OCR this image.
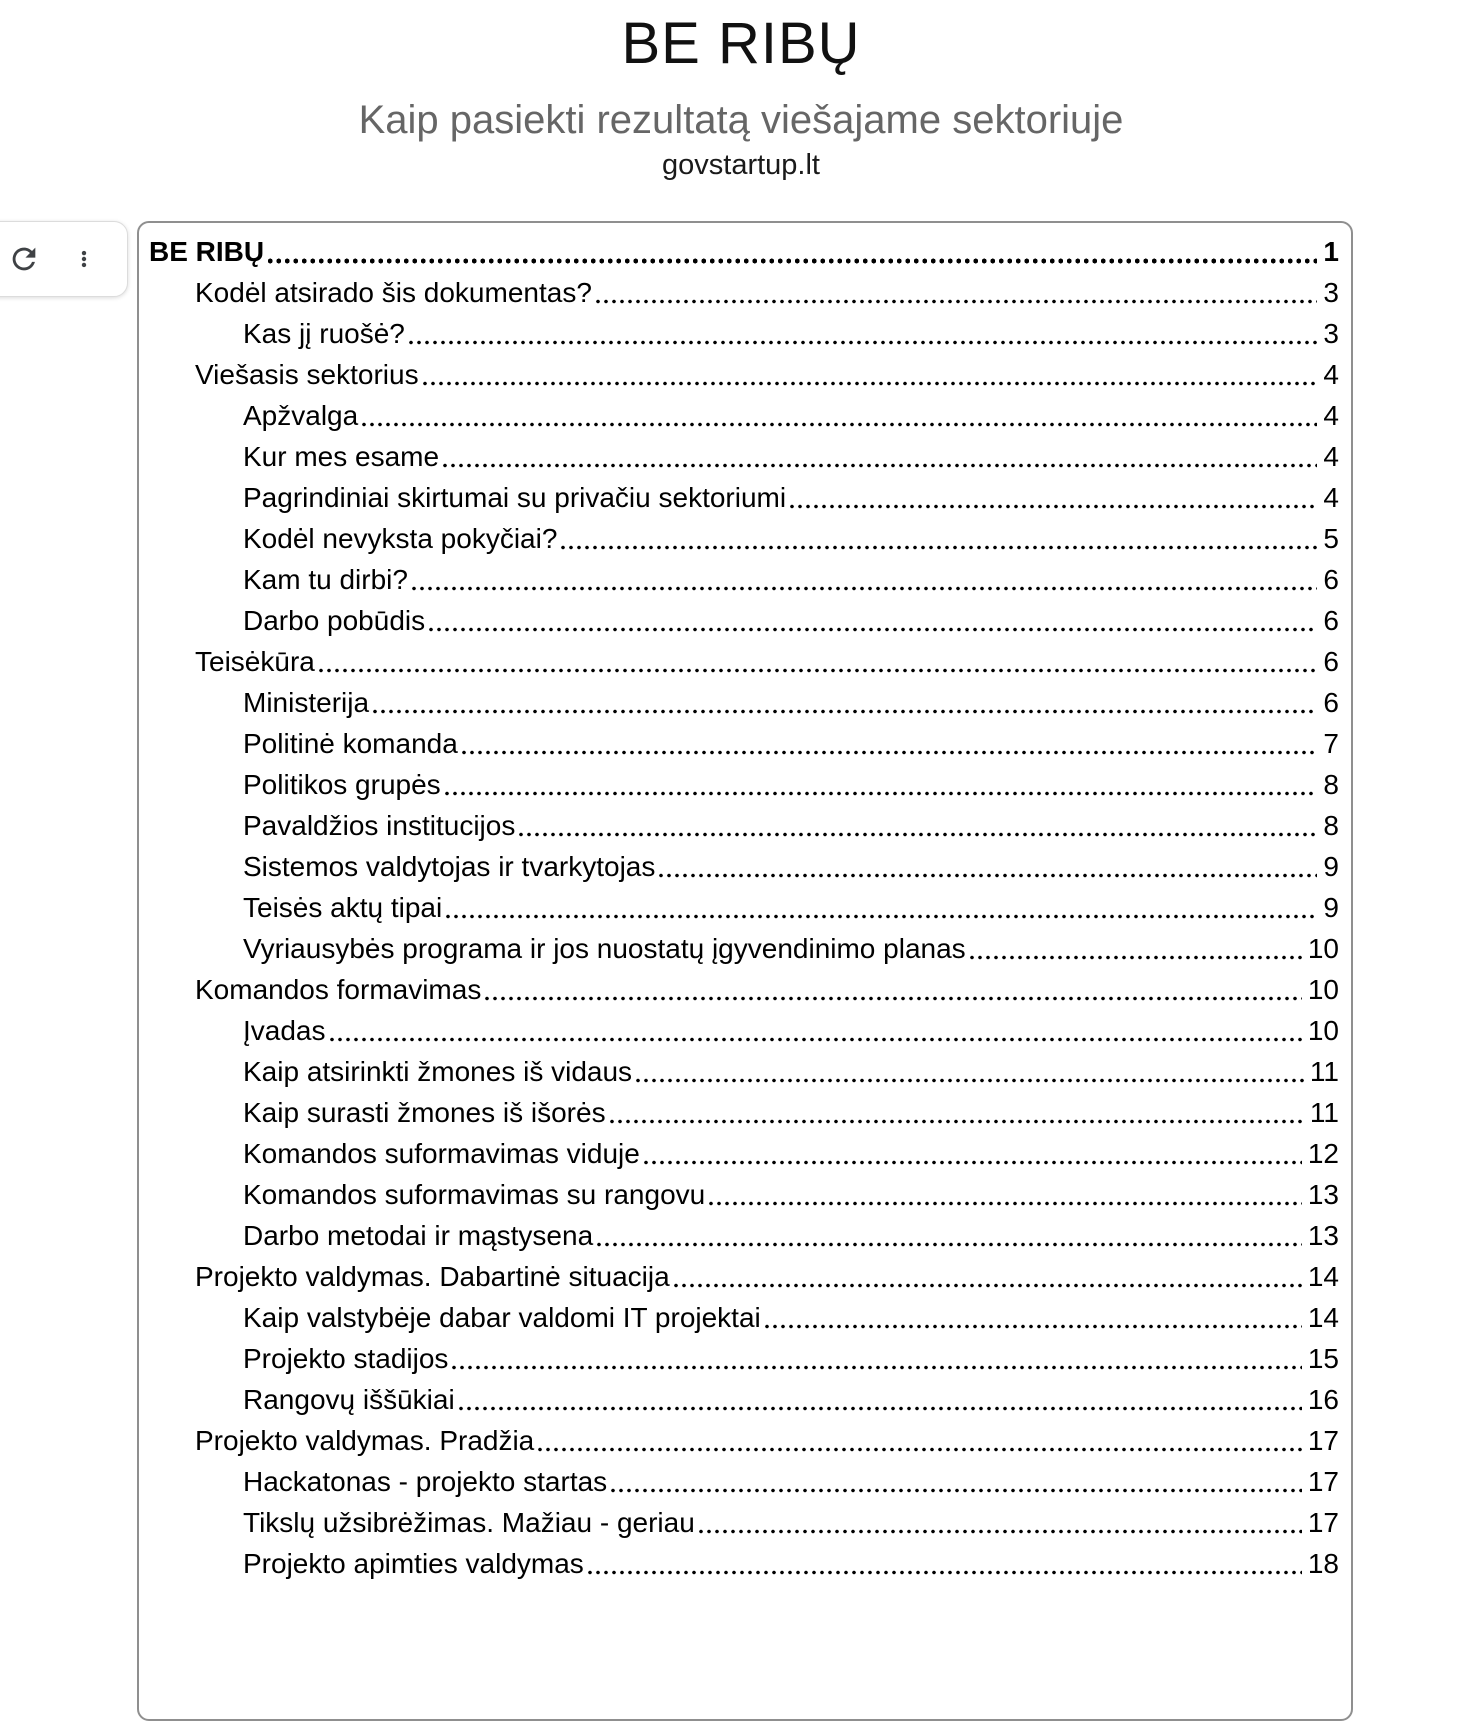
BE RIBŲ
Kaip pasiekti rezultatą viešajame sektoriuje
govstartup.lt
BE RIBŲ	1
Kodėl atsirado šis dokumentas?	3
Kas jį ruošė?	3
Viešasis sektorius	4
Apžvalga	4
Kur mes esame	4
Pagrindiniai skirtumai su privačiu sektoriumi	4
Kodėl nevyksta pokyčiai?	5
Kam tu dirbi?	6
Darbo pobūdis	6
Teisėkūra	6
Ministerija	6
Politinė komanda	7
Politikos grupės	8
Pavaldžios institucijos	8
Sistemos valdytojas ir tvarkytojas	9
Teisės aktų tipai	9
Vyriausybės programa ir jos nuostatų įgyvendinimo planas	10
Komandos formavimas	10
Įvadas	10
Kaip atsirinkti žmones iš vidaus	11
Kaip surasti žmones iš išorės	11
Komandos suformavimas viduje	12
Komandos suformavimas su rangovu	13
Darbo metodai ir mąstysena	13
Projekto valdymas. Dabartinė situacija	14
Kaip valstybėje dabar valdomi IT projektai	14
Projekto stadijos	15
Rangovų iššūkiai	16
Projekto valdymas. Pradžia	17
Hackatonas - projekto startas	17
Tikslų užsibrėžimas. Mažiau - geriau	17
Projekto apimties valdymas	18
